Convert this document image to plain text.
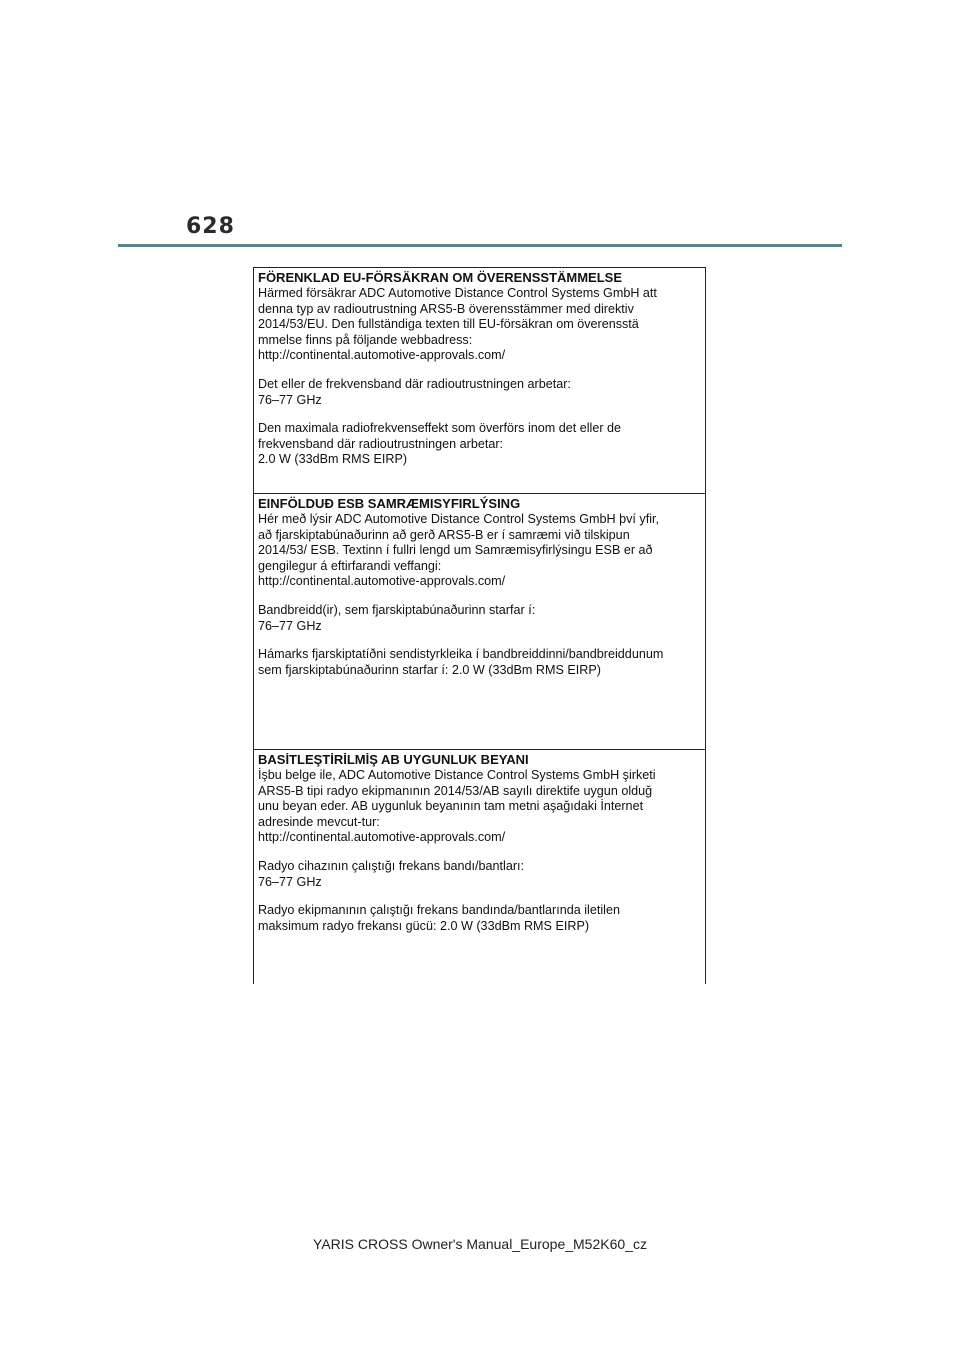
628
FÖRENKLAD EU-FÖRSÄKRAN OM ÖVERENSSTÄMMELSE
Härmed försäkrar ADC Automotive Distance Control Systems GmbH att
denna typ av radioutrustning ARS5-B överensstämmer med direktiv
2014/53/EU. Den fullständiga texten till EU-försäkran om överensstä
mmelse finns på följande webbadress:
http://continental.automotive-approvals.com/
Det eller de frekvensband där radioutrustningen arbetar:
76–77 GHz
Den maximala radiofrekvenseffekt som överförs inom det eller de
frekvensband där radioutrustningen arbetar:
2.0 W (33dBm RMS EIRP)
EINFÖLDUÐ ESB SAMRÆMISYFIRLÝSING
Hér með lýsir ADC Automotive Distance Control Systems GmbH því yfir,
að fjarskiptabúnaðurinn að gerð ARS5-B er í samræmi við tilskipun
2014/53/ ESB. Textinn í fullri lengd um Samræmisyfirlýsingu ESB er að
gengilegur á eftirfarandi veffangi:
http://continental.automotive-approvals.com/
Bandbreidd(ir), sem fjarskiptabúnaðurinn starfar í:
76–77 GHz
Hámarks fjarskiptatíðni sendistyrkleika í bandbreiddinni/bandbreiddunum
sem fjarskiptabúnaðurinn starfar í: 2.0 W (33dBm RMS EIRP)
BASİTLEŞTİRİLMİŞ AB UYGUNLUK BEYANI
İşbu belge ile, ADC Automotive Distance Control Systems GmbH şirketi
ARS5-B tipi radyo ekipmanının 2014/53/AB sayılı direktife uygun olduğ
unu beyan eder. AB uygunluk beyanının tam metni aşağıdaki İnternet
adresinde mevcut-tur:
http://continental.automotive-approvals.com/
Radyo cihazının çalıştığı frekans bandı/bantları:
76–77 GHz
Radyo ekipmanının çalıştığı frekans bandında/bantlarında iletilen
maksimum radyo frekansı gücü: 2.0 W (33dBm RMS EIRP)
YARIS CROSS Owner's Manual_Europe_M52K60_cz
